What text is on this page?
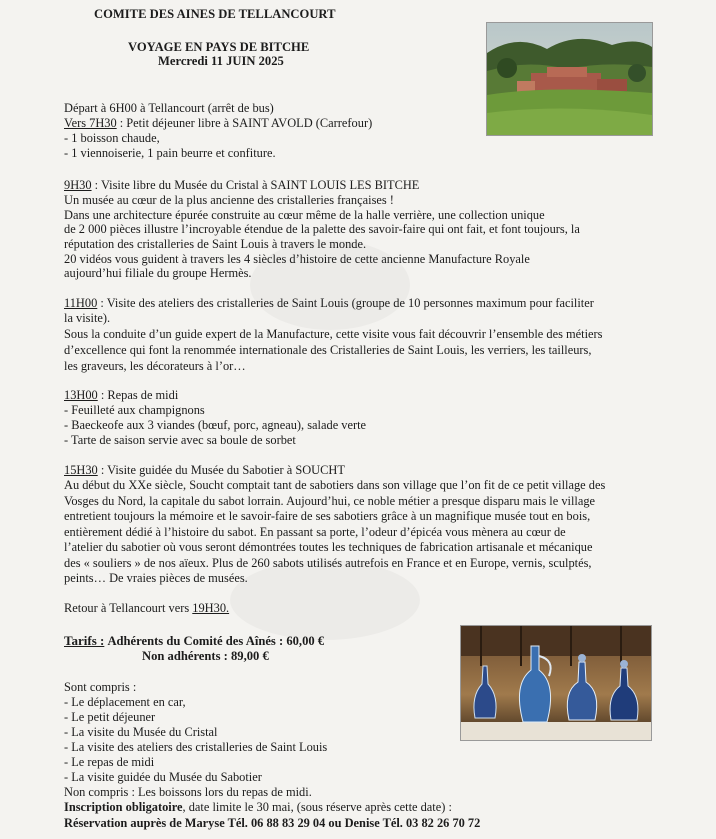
COMITE DES AINES DE TELLANCOURT

VOYAGE EN PAYS DE BITCHE

Mercredi 11 JUIN 2025

Départ à 6H00 à Tellancourt (arrêt de bus)

Vers 7H30 : Petit déjeuner libre à SAINT AVOLD (Carrefour)

- 1 boisson chaude,

- 1 viennoiserie, 1 pain beurre et confiture.

9H30 : Visite libre du Musée du Cristal à SAINT LOUIS LES BITCHE

Un musée au cœur de la plus ancienne des cristalleries françaises !

Dans une architecture épurée construite au cœur même de la halle verrière, une collection unique

de 2 000 pièces illustre l’incroyable étendue de la palette des savoir-faire qui ont fait, et font toujours, la

réputation des cristalleries de Saint Louis à travers le monde.

20 vidéos vous guident à travers les 4 siècles d’histoire de cette ancienne Manufacture Royale

aujourd’hui filiale du groupe Hermès.

11H00 : Visite des ateliers des cristalleries de Saint Louis (groupe de 10 personnes maximum pour faciliter

la visite).

Sous la conduite d’un guide expert de la Manufacture, cette visite vous fait découvrir l’ensemble des métiers

d’excellence qui font la renommée internationale des Cristalleries de Saint Louis, les verriers, les tailleurs,

les graveurs, les décorateurs à l’or…

13H00 : Repas de midi

- Feuilleté aux champignons

- Baeckeofe aux 3 viandes (bœuf, porc, agneau), salade verte

- Tarte de saison servie avec sa boule de sorbet

15H30 : Visite guidée du Musée du Sabotier à SOUCHT

Au début du XXe siècle, Soucht comptait tant de sabotiers dans son village que l’on fit de ce petit village des

Vosges du Nord, la capitale du sabot lorrain. Aujourd’hui, ce noble métier a presque disparu mais le village

entretient toujours la mémoire et le savoir-faire de ses sabotiers grâce à un magnifique musée tout en bois,

entièrement dédié à l’histoire du sabot. En passant sa porte, l’odeur d’épicéa vous mènera au cœur de

l’atelier du sabotier où vous seront démontrées toutes les techniques de fabrication artisanale et mécanique

des « souliers » de nos aïeux. Plus de 260 sabots utilisés autrefois en France et en Europe, vernis, sculptés,

peints… De vraies pièces de musées.

Retour à Tellancourt vers 19H30.

Tarifs : Adhérents du Comité des Aînés : 60,00 €

Non adhérents : 89,00 €

Sont compris :

- Le déplacement en car,

- Le petit déjeuner

- La visite du Musée du Cristal

- La visite des ateliers des cristalleries de Saint Louis

- Le repas de midi

- La visite guidée du Musée du Sabotier

Non compris : Les boissons lors du repas de midi.

Inscription obligatoire, date limite le 30 mai, (sous réserve après cette date) :

Réservation auprès de Maryse Tél. 06 88 83 29 04 ou Denise Tél. 03 82 26 70 72
